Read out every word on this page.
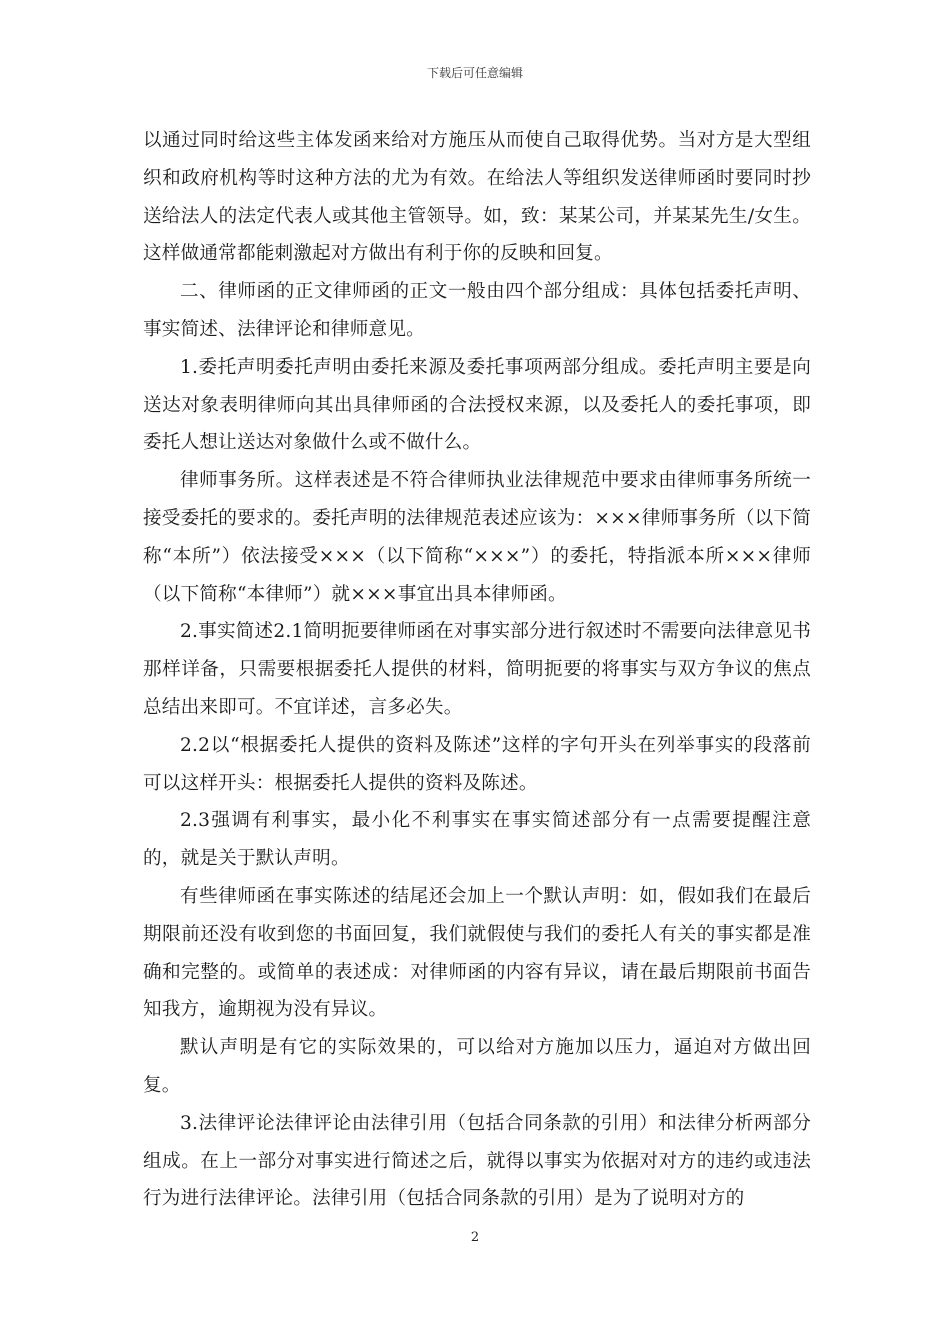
下载后可任意编辑

以通过同时给这些主体发函来给对方施压从而使自己取得优势。当对方是大型组织和政府机构等时这种方法的尤为有效。在给法人等组织发送律师函时要同时抄送给法人的法定代表人或其他主管领导。如，致：某某公司，并某某先生/女生。这样做通常都能刺激起对方做出有利于你的反映和回复。

二、律师函的正文律师函的正文一般由四个部分组成：具体包括委托声明、事实简述、法律评论和律师意见。

1.委托声明委托声明由委托来源及委托事项两部分组成。委托声明主要是向送达对象表明律师向其出具律师函的合法授权来源，以及委托人的委托事项，即委托人想让送达对象做什么或不做什么。

律师事务所。这样表述是不符合律师执业法律规范中要求由律师事务所统一接受委托的要求的。委托声明的法律规范表述应该为：×××律师事务所（以下简称“本所”）依法接受×××（以下简称“×××”）的委托，特指派本所×××律师（以下简称“本律师”）就×××事宜出具本律师函。

2.事实简述2.1简明扼要律师函在对事实部分进行叙述时不需要向法律意见书那样详备，只需要根据委托人提供的材料，简明扼要的将事实与双方争议的焦点总结出来即可。不宜详述，言多必失。

2.2以“根据委托人提供的资料及陈述”这样的字句开头在列举事实的段落前可以这样开头：根据委托人提供的资料及陈述。

2.3强调有利事实，最小化不利事实在事实简述部分有一点需要提醒注意的，就是关于默认声明。

有些律师函在事实陈述的结尾还会加上一个默认声明：如，假如我们在最后期限前还没有收到您的书面回复，我们就假使与我们的委托人有关的事实都是准确和完整的。或简单的表述成：对律师函的内容有异议，请在最后期限前书面告知我方，逾期视为没有异议。

默认声明是有它的实际效果的，可以给对方施加以压力，逼迫对方做出回复。

3.法律评论法律评论由法律引用（包括合同条款的引用）和法律分析两部分组成。在上一部分对事实进行简述之后，就得以事实为依据对对方的违约或违法行为进行法律评论。法律引用（包括合同条款的引用）是为了说明对方的

2
